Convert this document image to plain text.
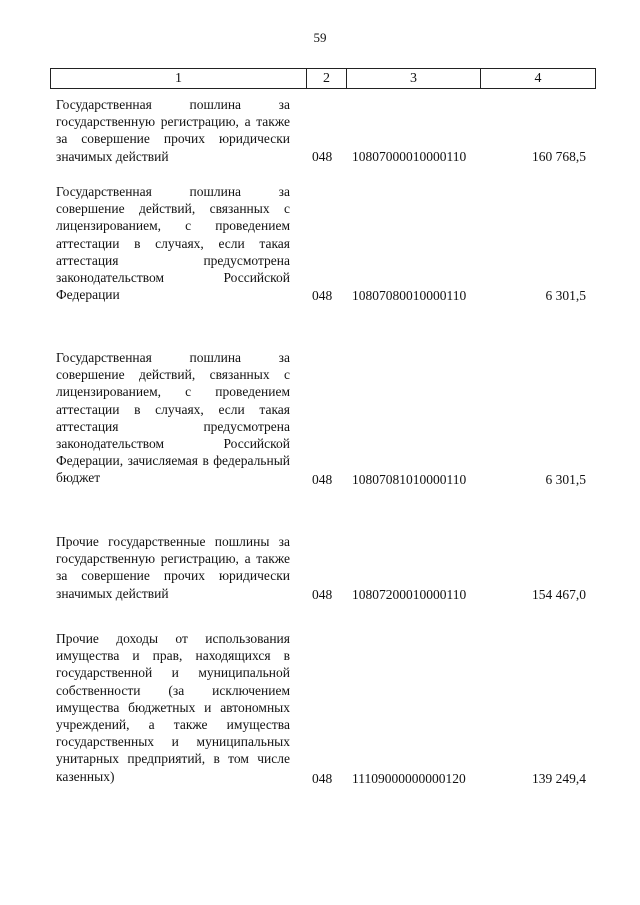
59
1	2	3	4
Государственная пошлина за государственную регистрацию, а также за совершение прочих юридически значимых действий	048 10807000010000110	160 768,5
Государственная пошлина за совершение действий, связанных с лицензированием, с проведением аттестации в случаях, если такая аттестация предусмотрена законодательством Российской Федерации	048 10807080010000110	6 301,5
Государственная пошлина за совершение действий, связанных с лицензированием, с проведением аттестации в случаях, если такая аттестация предусмотрена законодательством Российской Федерации, зачисляемая в федеральный бюджет	048 10807081010000110	6 301,5
Прочие государственные пошлины за государственную регистрацию, а также за совершение прочих юридически значимых действий	048 10807200010000110	154 467,0
Прочие доходы от использования имущества и прав, находящихся в государственной и муниципальной собственности (за исключением имущества бюджетных и автономных учреждений, а также имущества государственных и муниципальных унитарных предприятий, в том числе казенных)	048 11109000000000120	139 249,4
